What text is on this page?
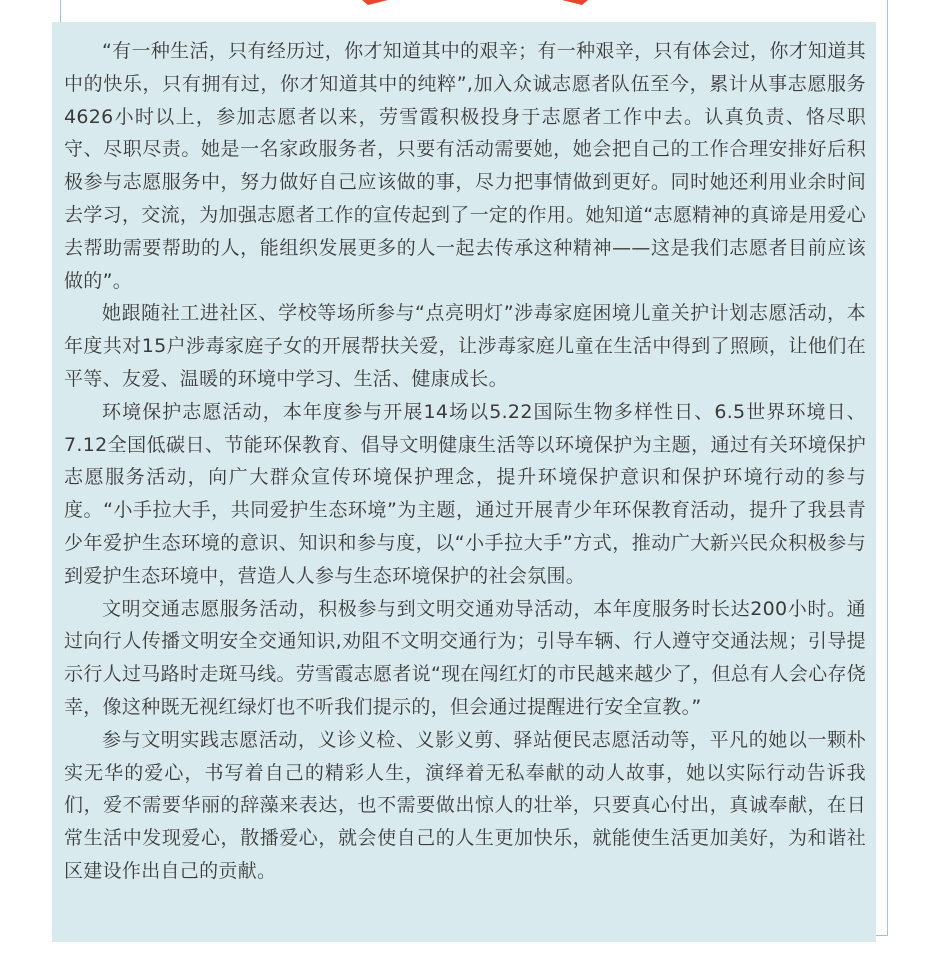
“有一种生活，只有经历过，你才知道其中的艰辛；有一种艰辛，只有体会过，你才知道其中的快乐，只有拥有过，你才知道其中的纯粹”,加入众诚志愿者队伍至今，累计从事志愿服务4626小时以上，参加志愿者以来，劳雪霞积极投身于志愿者工作中去。认真负责、恪尽职守、尽职尽责。她是一名家政服务者，只要有活动需要她，她会把自己的工作合理安排好后积极参与志愿服务中，努力做好自己应该做的事，尽力把事情做到更好。同时她还利用业余时间去学习，交流，为加强志愿者工作的宣传起到了一定的作用。她知道“志愿精神的真谛是用爱心去帮助需要帮助的人，能组织发展更多的人一起去传承这种精神——这是我们志愿者目前应该做的”。

她跟随社工进社区、学校等场所参与“点亮明灯”涉毒家庭困境儿童关护计划志愿活动，本年度共对15户涉毒家庭子女的开展帮扶关爱，让涉毒家庭儿童在生活中得到了照顾，让他们在平等、友爱、温暖的环境中学习、生活、健康成长。

环境保护志愿活动，本年度参与开展14场以5.22国际生物多样性日、6.5世界环境日、7.12全国低碳日、节能环保教育、倡导文明健康生活等以环境保护为主题，通过有关环境保护志愿服务活动，向广大群众宣传环境保护理念，提升环境保护意识和保护环境行动的参与度。“小手拉大手，共同爱护生态环境”为主题，通过开展青少年环保教育活动，提升了我县青少年爱护生态环境的意识、知识和参与度，以“小手拉大手”方式，推动广大新兴民众积极参与到爱护生态环境中，营造人人参与生态环境保护的社会氛围。

文明交通志愿服务活动，积极参与到文明交通劝导活动，本年度服务时长达200小时。通过向行人传播文明安全交通知识,劝阻不文明交通行为；引导车辆、行人遵守交通法规；引导提示行人过马路时走斑马线。劳雪霞志愿者说“现在闯红灯的市民越来越少了，但总有人会心存侥幸，像这种既无视红绿灯也不听我们提示的，但会通过提醒进行安全宣教。”

参与文明实践志愿活动，义诊义检、义影义剪、驿站便民志愿活动等，平凡的她以一颗朴实无华的爱心，书写着自己的精彩人生，演绎着无私奉献的动人故事，她以实际行动告诉我们，爱不需要华丽的辞藻来表达，也不需要做出惊人的壮举，只要真心付出，真诚奉献，在日常生活中发现爱心，散播爱心，就会使自己的人生更加快乐，就能使生活更加美好，为和谐社区建设作出自己的贡献。
